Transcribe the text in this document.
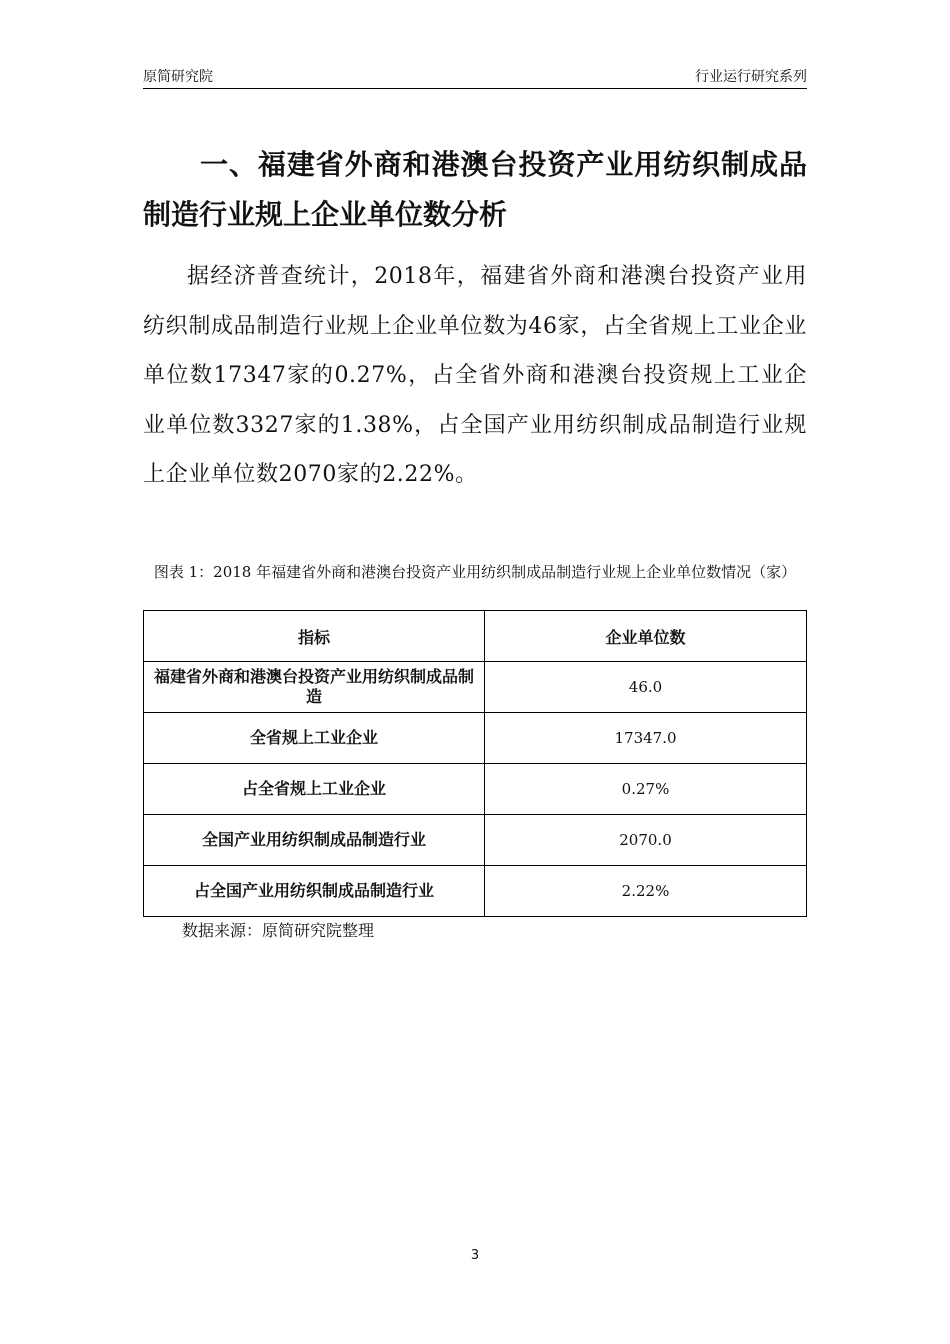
原简研究院	行业运行研究系列
一、福建省外商和港澳台投资产业用纺织制成品制造行业规上企业单位数分析
据经济普查统计，2018年，福建省外商和港澳台投资产业用纺织制成品制造行业规上企业单位数为46家，占全省规上工业企业单位数17347家的0.27%，占全省外商和港澳台投资规上工业企业单位数3327家的1.38%，占全国产业用纺织制成品制造行业规上企业单位数2070家的2.22%。
图表 1：2018 年福建省外商和港澳台投资产业用纺织制成品制造行业规上企业单位数情况（家）
指标	企业单位数
福建省外商和港澳台投资产业用纺织制成品制造	46.0
全省规上工业企业	17347.0
占全省规上工业企业	0.27%
全国产业用纺织制成品制造行业	2070.0
占全国产业用纺织制成品制造行业	2.22%
数据来源：原简研究院整理
3
